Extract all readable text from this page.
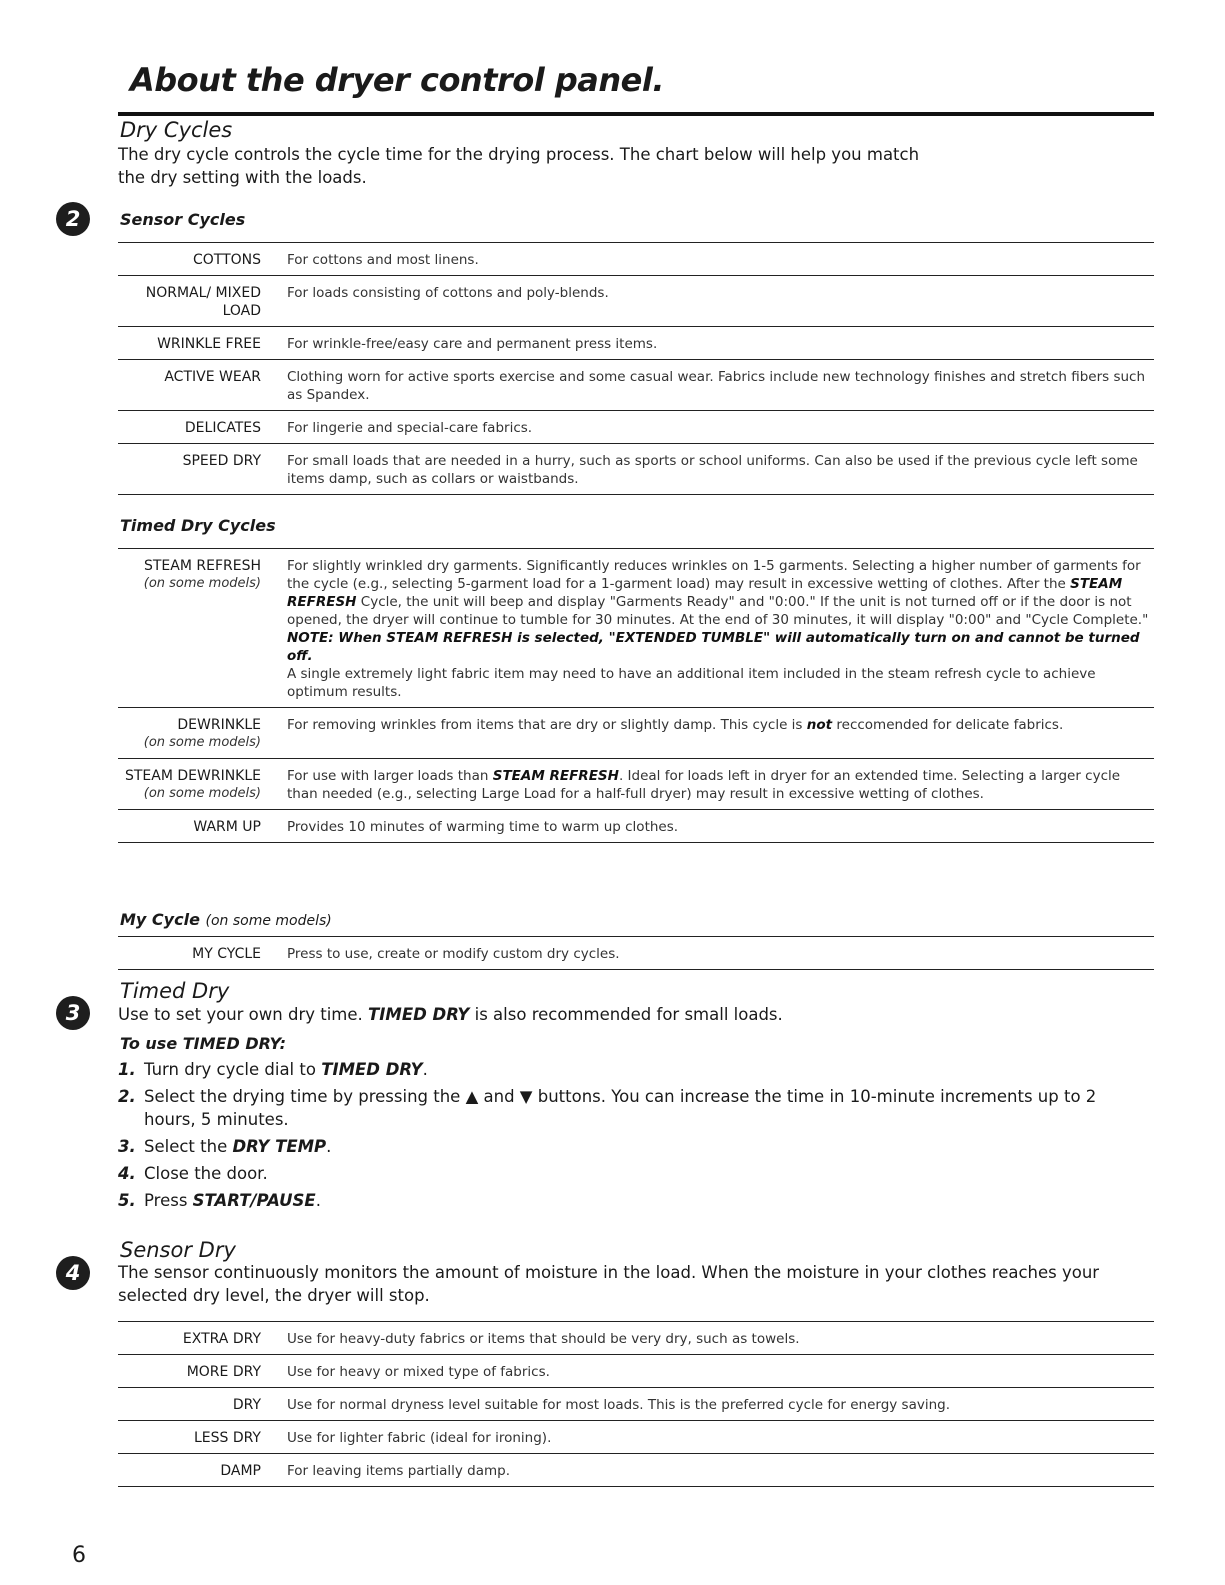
About the dryer control panel.
Dry Cycles

The dry cycle controls the cycle time for the drying process. The chart below will help you match the dry setting with the loads.

2	Sensor Cycles
COTTONS For cottons and most linens.
NORMAL/ MIXED LOAD
For loads consisting of cottons and poly-blends.
WRINKLE FREE For wrinkle-free/easy care and permanent press items.
ACTIVE WEAR Clothing worn for active sports exercise and some casual wear. Fabrics include new technology finishes and stretch fibers such as Spandex.
DELICATES For lingerie and special-care fabrics.
SPEED DRY For small loads that are needed in a hurry, such as sports or school uniforms. Can also be used if the previous cycle left some items damp, such as collars or waistbands.
Timed Dry Cycles
STEAM REFRESH
(on some models)

For slightly wrinkled dry garments. Significantly reduces wrinkles on 1-5 garments. Selecting a higher number of garments for the cycle (e.g., selecting 5-garment load for a 1-garment load) may result in excessive wetting of clothes. After the STEAM REFRESH Cycle, the unit will beep and display "Garments Ready" and "0:00." If the unit is not turned off or if the door is not opened, the dryer will continue to tumble for 30 minutes. At the end of 30 minutes, it will display "0:00" and "Cycle Complete."

NOTE: When STEAM REFRESH is selected, "EXTENDED TUMBLE" will automatically turn on and cannot be turned off.

A single extremely light fabric item may need to have an additional item included in the steam refresh cycle to achieve optimum results.

DEWRINKLE
(on some models)
For removing wrinkles from items that are dry or slightly damp. This cycle is not reccomended for delicate fabrics.
STEAM DEWRINKLE
(on some models)
For use with larger loads than STEAM REFRESH. Ideal for loads left in dryer for an extended time. Selecting a larger cycle than needed (e.g., selecting Large Load for a half-full dryer) may result in excessive wetting of clothes.
WARM UP Provides 10 minutes of warming time to warm up clothes.
My Cycle (on some models)
MY CYCLE Press to use, create or modify custom dry cycles.
3
Timed Dry

Use to set your own dry time. TIMED DRY is also recommended for small loads.

To use TIMED DRY:
1. Turn dry cycle dial to TIMED DRY.
2. Select the drying time by pressing the ▲ and ▼ buttons. You can increase the time in 10-minute increments up to 2 hours, 5 minutes.
3. Select the DRY TEMP.
4. Close the door.
5. Press START/PAUSE.
4
Sensor Dry

The sensor continuously monitors the amount of moisture in the load. When the moisture in your clothes reaches your selected dry level, the dryer will stop.

EXTRA DRY Use for heavy-duty fabrics or items that should be very dry, such as towels.
MORE DRY Use for heavy or mixed type of fabrics.
DRY Use for normal dryness level suitable for most loads. This is the preferred cycle for energy saving.
LESS DRY Use for lighter fabric (ideal for ironing).
DAMP For leaving items partially damp.

6
